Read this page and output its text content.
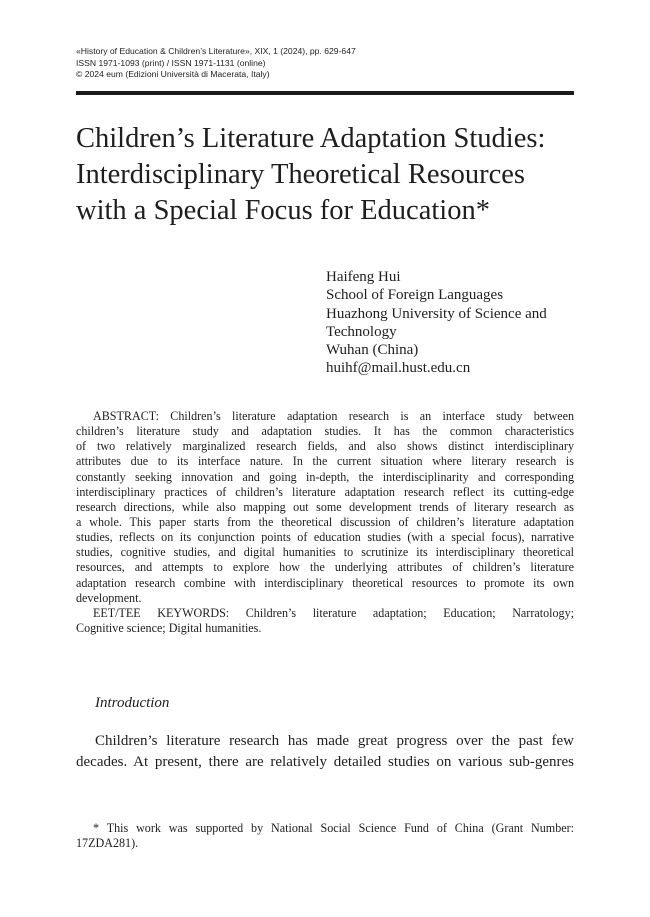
«History of Education & Children’s Literature», XIX, 1 (2024), pp. 629-647
ISSN 1971-1093 (print) / ISSN 1971-1131 (online)
© 2024 eum (Edizioni Università di Macerata, Italy)
Children’s Literature Adaptation Studies:
Interdisciplinary Theoretical Resources
with a Special Focus for Education*
Haifeng Hui
School of Foreign Languages
Huazhong University of Science and
Technology
Wuhan (China)
huihf@mail.hust.edu.cn
ABSTRACT: Children’s literature adaptation research is an interface study between
children’s literature study and adaptation studies. It has the common characteristics
of two relatively marginalized research fields, and also shows distinct interdisciplinary
attributes due to its interface nature. In the current situation where literary research is
constantly seeking innovation and going in-depth, the interdisciplinarity and corresponding
interdisciplinary practices of children’s literature adaptation research reflect its cutting-edge
research directions, while also mapping out some development trends of literary research as
a whole. This paper starts from the theoretical discussion of children’s literature adaptation
studies, reflects on its conjunction points of education studies (with a special focus), narrative
studies, cognitive studies, and digital humanities to scrutinize its interdisciplinary theoretical
resources, and attempts to explore how the underlying attributes of children’s literature
adaptation research combine with interdisciplinary theoretical resources to promote its own
development.
EET/TEE KEYWORDS: Children’s literature adaptation; Education; Narratology;
Cognitive science; Digital humanities.
Introduction
Children’s literature research has made great progress over the past few
decades. At present, there are relatively detailed studies on various sub-genres
* This work was supported by National Social Science Fund of China (Grant Number:
17ZDA281).
